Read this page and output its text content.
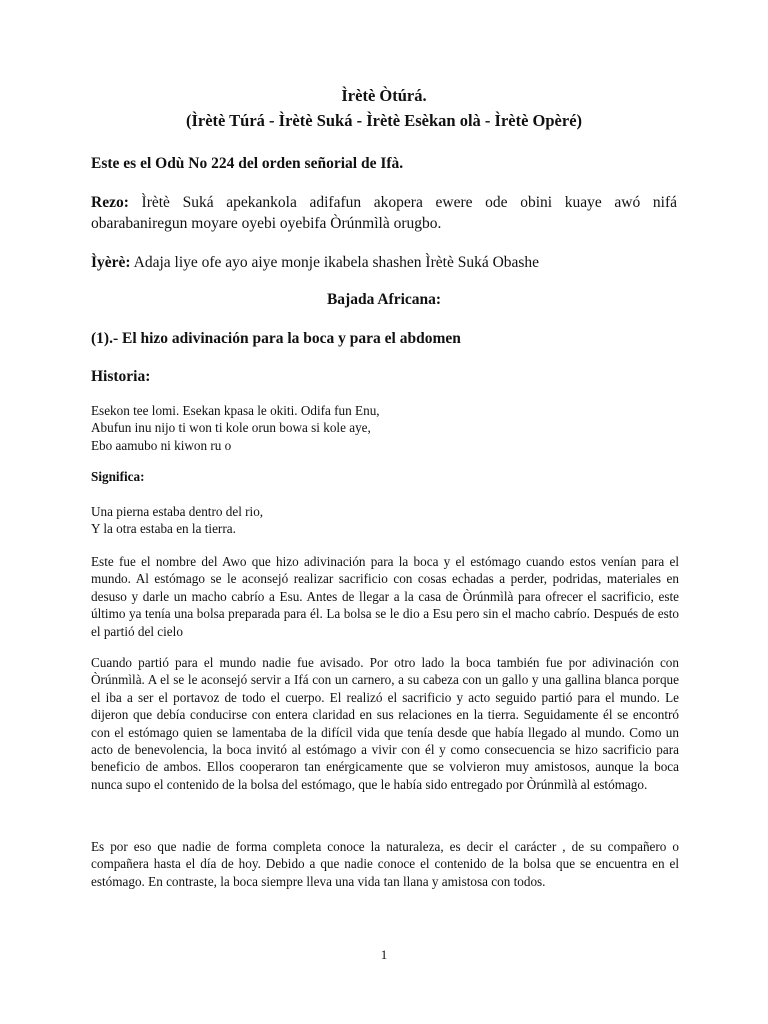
Ìrètè Òtúrá.
(Ìrètè Túrá - Ìrètè Suká - Ìrètè Esèkan olà - Ìrètè Opèré)
Este es el Odù No 224 del orden señorial de Ifà.
Rezo: Ìrètè Suká apekankola adifafun akopera ewere ode obini kuaye awó nifá obarabaniregun moyare oyebi oyebifa Òrúnmìlà orugbo.
Ìyèrè: Adaja liye ofe ayo aiye monje ikabela shashen Ìrètè Suká Obashe
Bajada Africana:
(1).- El hizo adivinación para la boca y para el abdomen
Historia:
Esekon tee lomi. Esekan kpasa le okiti. Odifa fun Enu,
Abufun inu nijo ti won ti kole orun bowa si kole aye,
Ebo aamubo ni kiwon ru o
Significa:
Una pierna estaba dentro del rio,
Y la otra estaba en la tierra.
Este fue el nombre del Awo que hizo adivinación para la boca y el estómago cuando estos venían para el mundo. Al estómago se le aconsejó realizar sacrificio con cosas echadas a perder, podridas, materiales en desuso y darle un macho cabrío a Esu. Antes de llegar a la casa de Òrúnmìlà para ofrecer el sacrificio, este último ya tenía una bolsa preparada para él. La bolsa se le dio a Esu pero sin el macho cabrío. Después de esto el partió del cielo
Cuando partió para el mundo nadie fue avisado. Por otro lado la boca también fue por adivinación con Òrúnmìlà. A el se le aconsejó servir a Ifá con un carnero, a su cabeza con un gallo y una gallina blanca porque el iba a ser el portavoz de todo el cuerpo. El realizó el sacrificio y acto seguido partió para el mundo. Le dijeron que debía conducirse con entera claridad en sus relaciones en la tierra. Seguidamente él se encontró con el estómago quien se lamentaba de la difícil vida que tenía desde que había llegado al mundo. Como un acto de benevolencia, la boca invitó al estómago a vivir con él y como consecuencia se hizo sacrificio para beneficio de ambos. Ellos cooperaron tan enérgicamente que se volvieron muy amistosos, aunque la boca nunca supo el contenido de la bolsa del estómago, que le había sido entregado por Òrúnmìlà al estómago.
Es por eso que nadie de forma completa conoce la naturaleza, es decir el carácter , de su compañero o compañera hasta el día de hoy. Debido a que nadie conoce el contenido de la bolsa que se encuentra en el estómago. En contraste, la boca siempre lleva una vida tan llana y amistosa con todos.
1
